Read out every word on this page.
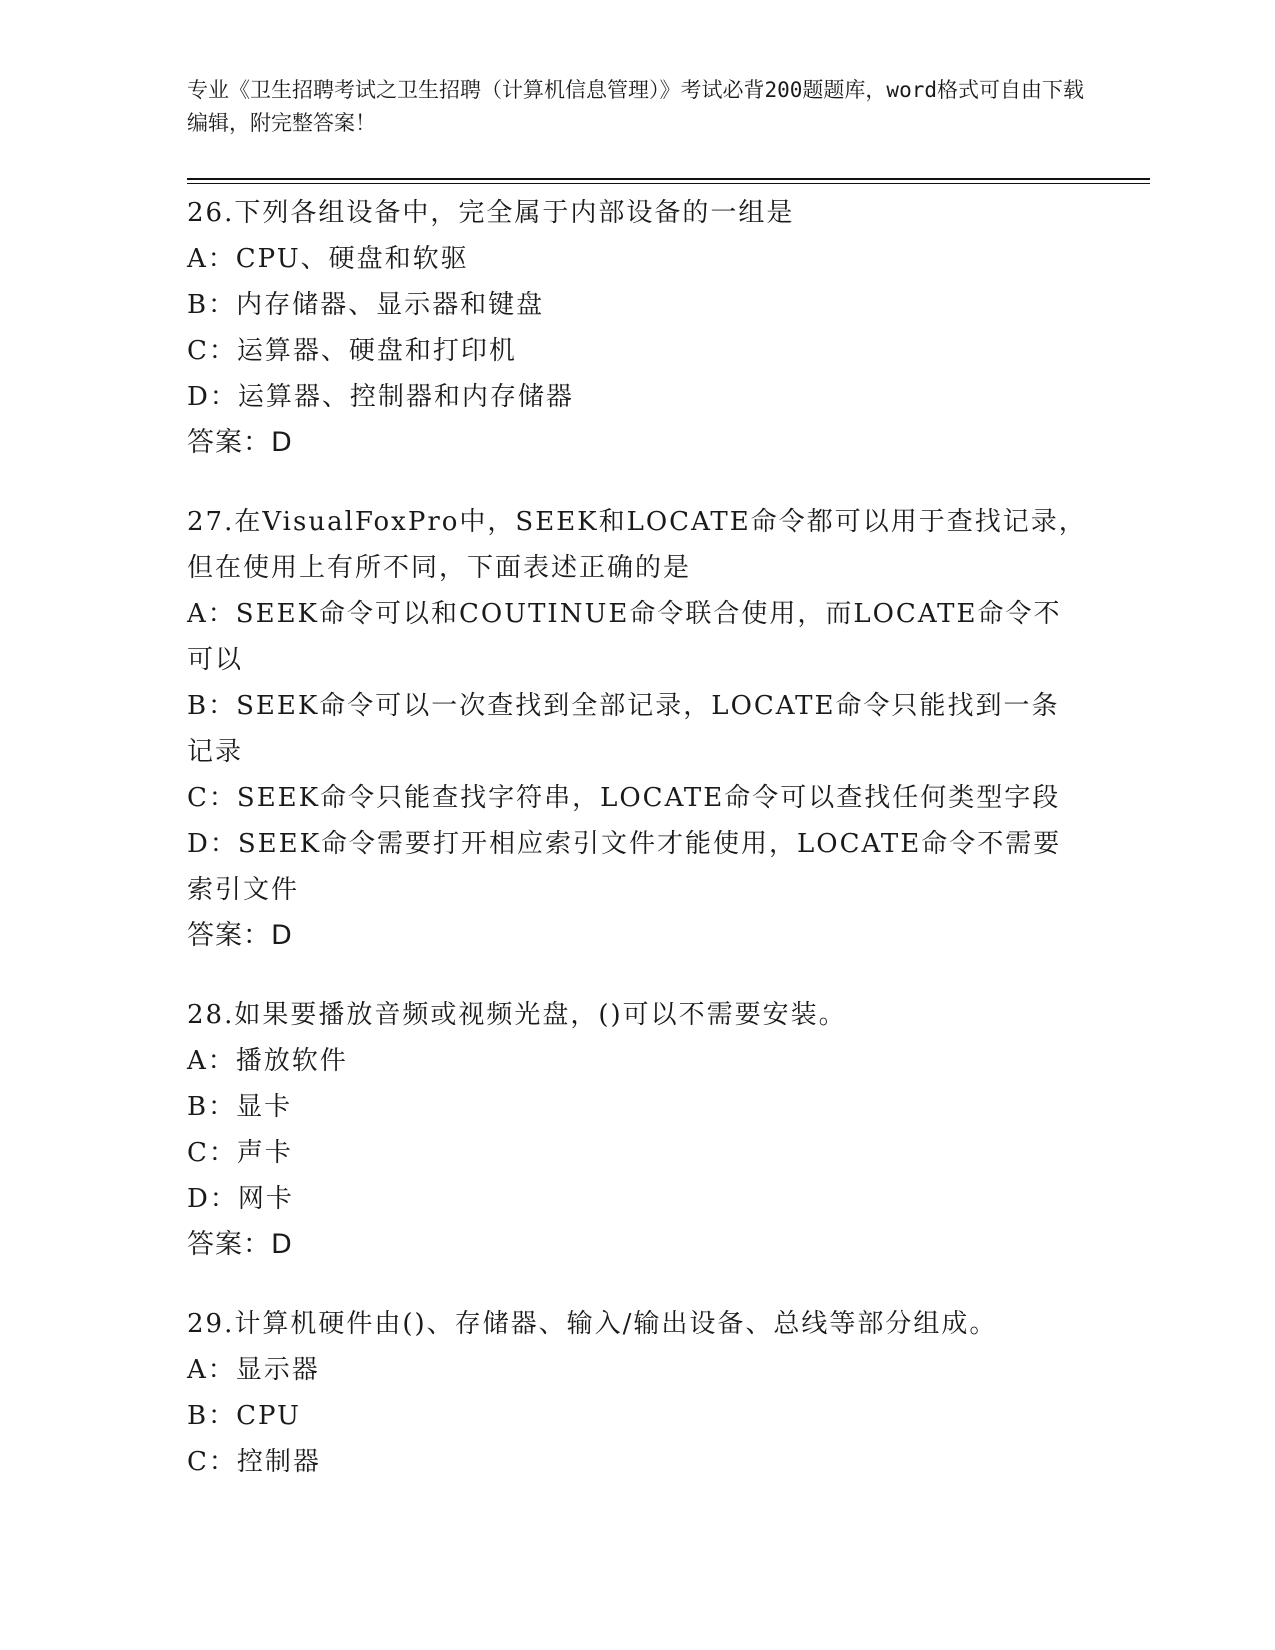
专业《卫生招聘考试之卫生招聘（计算机信息管理）》考试必背200题题库，word格式可自由下载编辑，附完整答案！

26.下列各组设备中，完全属于内部设备的一组是

A：CPU、硬盘和软驱

B：内存储器、显示器和键盘

C：运算器、硬盘和打印机

D：运算器、控制器和内存储器

答案：D

27.在VisualFoxPro中，SEEK和LOCATE命令都可以用于查找记录，但在使用上有所不同，下面表述正确的是

A：SEEK命令可以和COUTINUE命令联合使用，而LOCATE命令不可以

B：SEEK命令可以一次查找到全部记录，LOCATE命令只能找到一条记录

C：SEEK命令只能查找字符串，LOCATE命令可以查找任何类型字段

D：SEEK命令需要打开相应索引文件才能使用，LOCATE命令不需要索引文件

答案：D

28.如果要播放音频或视频光盘，()可以不需要安装。

A：播放软件

B：显卡

C：声卡

D：网卡

答案：D

29.计算机硬件由()、存储器、输入/输出设备、总线等部分组成。

A：显示器

B：CPU

C：控制器
